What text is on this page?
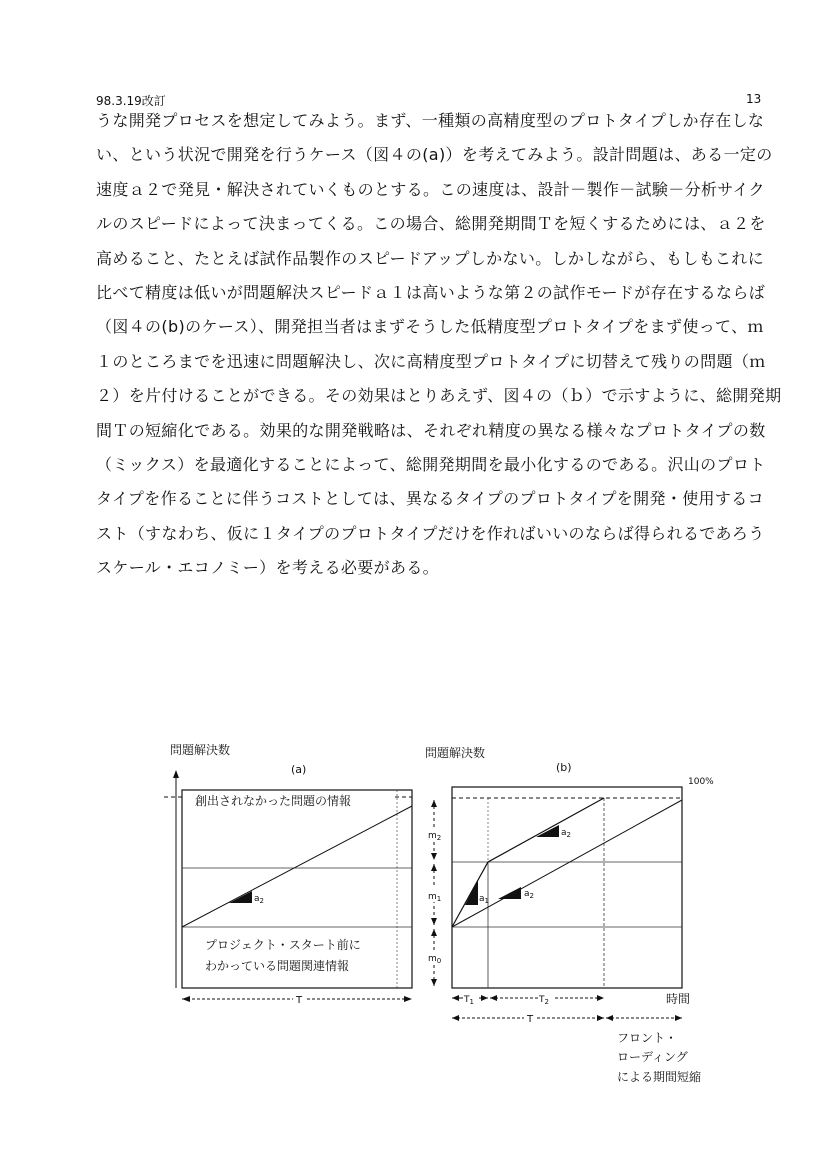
98.3.19改訂	13
うな開発プロセスを想定してみよう。まず、一種類の高精度型のプロトタイプしか存在しな
い、という状況で開発を行うケース（図４の(a)）を考えてみよう。設計問題は、ある一定の
速度ａ２で発見・解決されていくものとする。この速度は、設計－製作－試験－分析サイク
ルのスピードによって決まってくる。この場合、総開発期間Ｔを短くするためには、ａ２を
高めること、たとえば試作品製作のスピードアップしかない。しかしながら、もしもこれに
比べて精度は低いが問題解決スピードａ１は高いような第２の試作モードが存在するならば
（図４の(b)のケース）、開発担当者はまずそうした低精度型プロトタイプをまず使って、ｍ
１のところまでを迅速に問題解決し、次に高精度型プロトタイプに切替えて残りの問題（ｍ
２）を片付けることができる。その効果はとりあえず、図４の（ｂ）で示すように、総開発期
間Ｔの短縮化である。効果的な開発戦略は、それぞれ精度の異なる様々なプロトタイプの数
（ミックス）を最適化することによって、総開発期間を最小化するのである。沢山のプロト
タイプを作ることに伴うコストとしては、異なるタイプのプロトタイプを開発・使用するコ
スト（すなわち、仮に１タイプのプロトタイプだけを作ればいいのならば得られるであろう
スケール・エコノミー）を考える必要がある。
問題解決数
(a)
創出されなかった問題の情報
$a_2$
プロジェクト・スタート前に
わかっている問題関連情報
T
問題解決数
(b)
100%
$a_1$
$a_2$
$a_2$
$m_2$
$m_1$
$m_0$
$T_1$	$T_2$	時間
T
フロント・
ローディング
による期間短縮
